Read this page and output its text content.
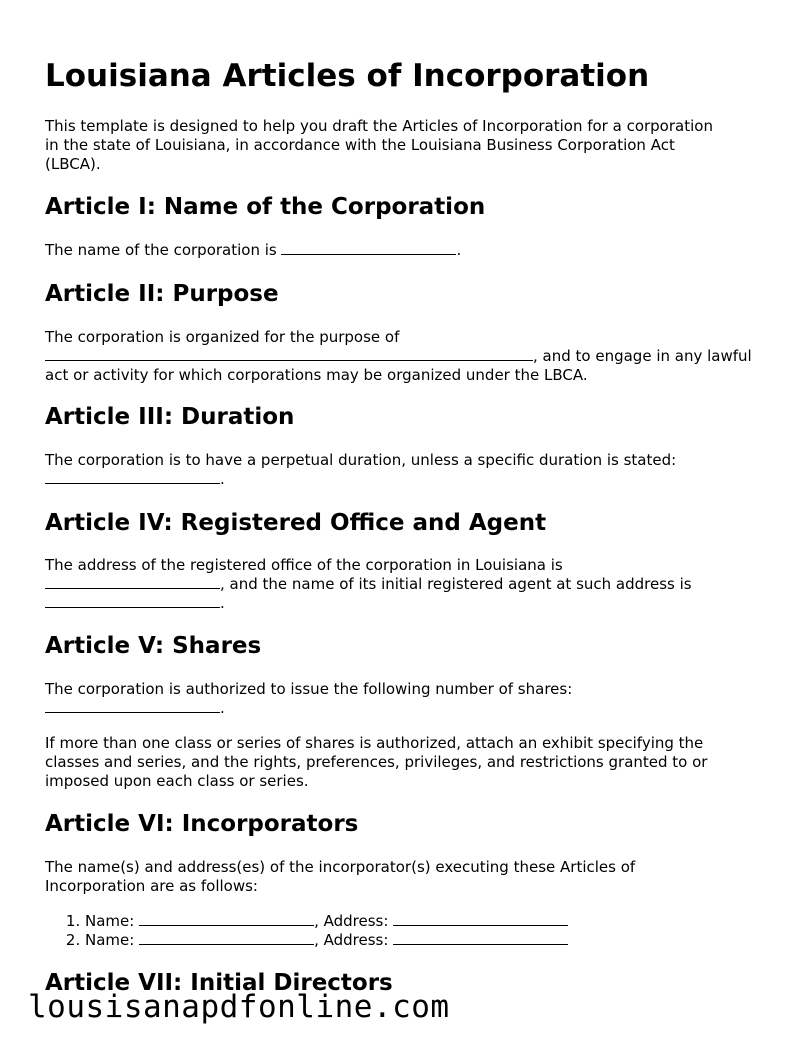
Louisiana Articles of Incorporation
This template is designed to help you draft the Articles of Incorporation for a corporation
in the state of Louisiana, in accordance with the Louisiana Business Corporation Act
(LBCA).
Article I: Name of the Corporation
The name of the corporation is	.
Article II: Purpose
The corporation is organized for the purpose of
, and to engage in any lawful
act or activity for which corporations may be organized under the LBCA.
Article III: Duration
The corporation is to have a perpetual duration, unless a specific duration is stated:
.
Article IV: Registered Office and Agent
The address of the registered office of the corporation in Louisiana is
, and the name of its initial registered agent at such address is
.
Article V: Shares
The corporation is authorized to issue the following number of shares:
.
If more than one class or series of shares is authorized, attach an exhibit specifying the
classes and series, and the rights, preferences, privileges, and restrictions granted to or
imposed upon each class or series.
Article VI: Incorporators
The name(s) and address(es) of the incorporator(s) executing these Articles of
Incorporation are as follows:
1. Name:	, Address:
2. Name:	, Address:
Article VII: Initial Directors
lousisanapdfonline.com
